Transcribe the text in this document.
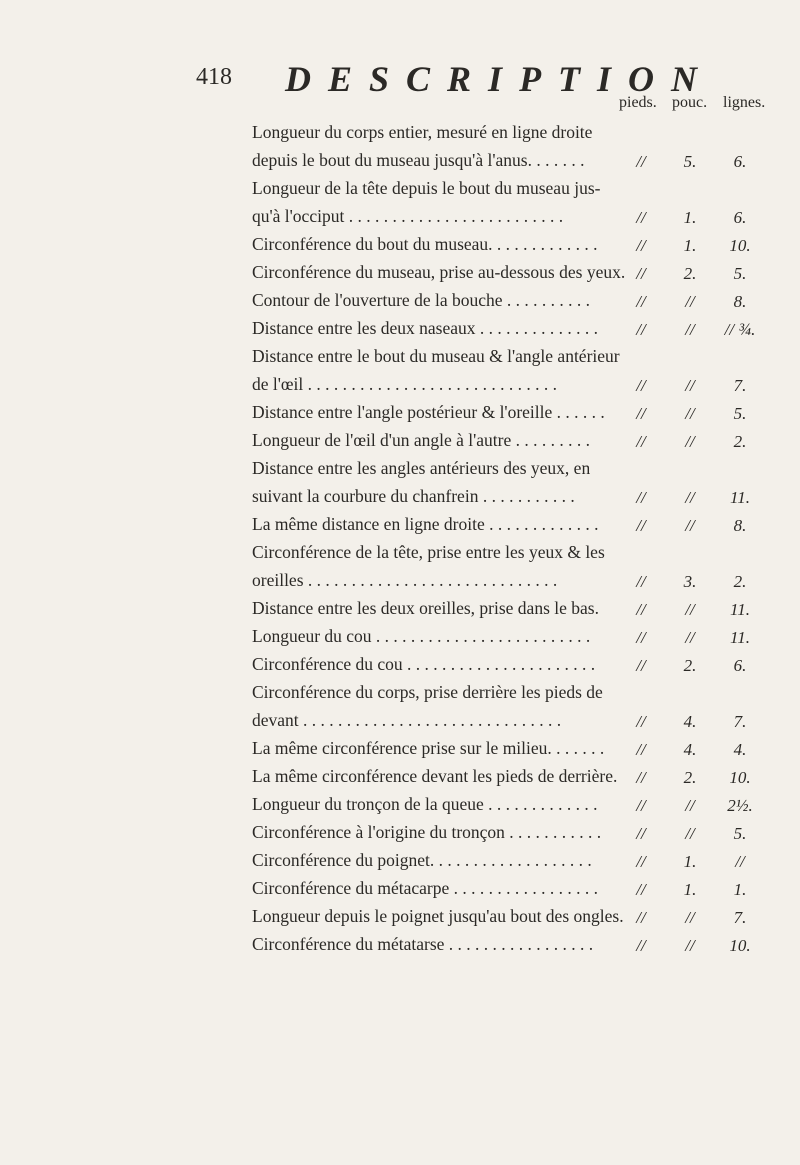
418 DESCRIPTION
pieds. pouc. lignes.
Longueur du corps entier, mesuré en ligne droite
depuis le bout du museau jusqu'à l'anus. . . . . . .	//	5.	6.
Longueur de la tête depuis le bout du museau jus-
qu'à l'occiput . . . . . . . . . . . . . . . . . . . . . . . . .	//	1.	6.
Circonférence du bout du museau. . . . . . . . . . . . .	//	1.	10.
Circonférence du museau, prise au-dessous des yeux. //	2.	5.
Contour de l'ouverture de la bouche . . . . . . . . . .	//	//	8.
Distance entre les deux naseaux . . . . . . . . . . . . . .	//	//	// ¾.
Distance entre le bout du museau & l'angle antérieur
de l'œil . . . . . . . . . . . . . . . . . . . . . . . . . . . . .	//	//	7.
Distance entre l'angle postérieur & l'oreille . . . . . .	//	//	5.
Longueur de l'œil d'un angle à l'autre . . . . . . . . .	//	//	2.
Distance entre les angles antérieurs des yeux, en
suivant la courbure du chanfrein . . . . . . . . . . .	//	//	11.
La même distance en ligne droite . . . . . . . . . . . . .	//	//	8.
Circonférence de la tête, prise entre les yeux & les
oreilles . . . . . . . . . . . . . . . . . . . . . . . . . . . . .	//	3.	2.
Distance entre les deux oreilles, prise dans le bas.	//	//	11.
Longueur du cou . . . . . . . . . . . . . . . . . . . . . . . . .	//	//	11.
Circonférence du cou . . . . . . . . . . . . . . . . . . . . . .	//	2.	6.
Circonférence du corps, prise derrière les pieds de
devant . . . . . . . . . . . . . . . . . . . . . . . . . . . . . .	//	4.	7.
La même circonférence prise sur le milieu. . . . . . .	//	4.	4.
La même circonférence devant les pieds de derrière.	//	2.	10.
Longueur du tronçon de la queue . . . . . . . . . . . . .	//	//	2½.
Circonférence à l'origine du tronçon . . . . . . . . . . .	//	//	5.
Circonférence du poignet. . . . . . . . . . . . . . . . . . .	//	1.	//
Circonférence du métacarpe . . . . . . . . . . . . . . . . .	//	1.	1.
Longueur depuis le poignet jusqu'au bout des ongles. //	//	7.
Circonférence du métatarse . . . . . . . . . . . . . . . . .	//	//	10.
